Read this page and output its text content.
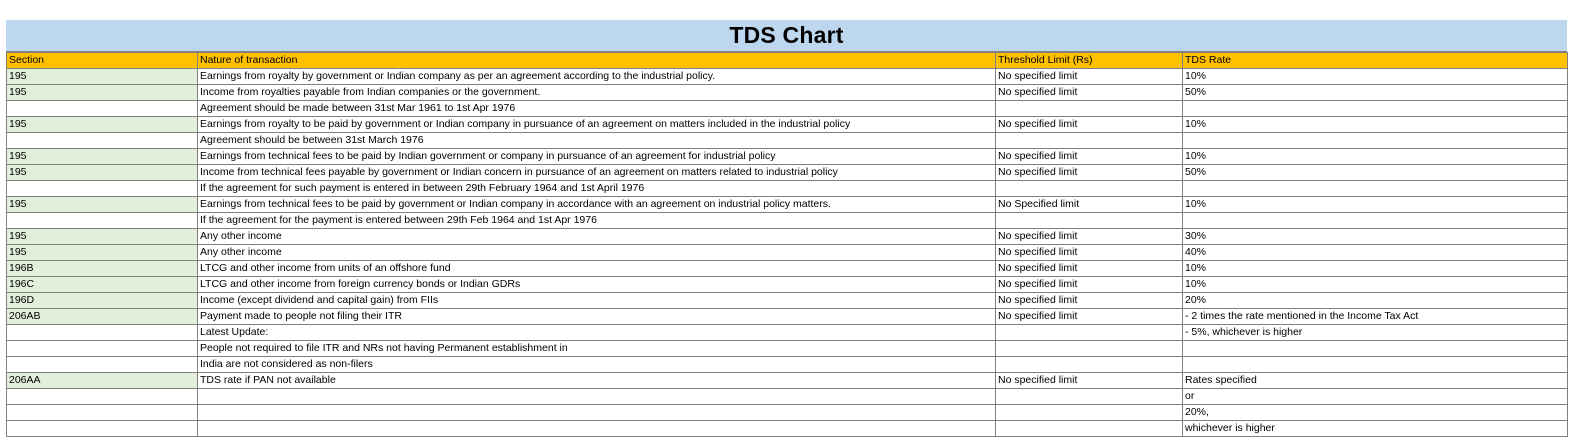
TDS Chart
Section	Nature of transaction	Threshold Limit (Rs)	TDS Rate
195	Earnings from royalty by government or Indian company as per an agreement according to the industrial policy.	No specified limit	10%
195	Income from royalties payable from Indian companies or the government.	No specified limit	50%
	Agreement should be made between 31st Mar 1961 to 1st Apr 1976		
195	Earnings from royalty to be paid by government or Indian company in pursuance of an agreement on matters included in the industrial policy	No specified limit	10%
	Agreement should be between 31st March 1976		
195	Earnings from technical fees to be paid by Indian government or company in pursuance of an agreement for industrial policy	No specified limit	10%
195	Income from technical fees payable by government or Indian concern in pursuance of an agreement on matters related to industrial policy	No specified limit	50%
	If the agreement for such payment is entered in between 29th February 1964 and 1st April 1976		
195	Earnings from technical fees to be paid by government or Indian company in accordance with an agreement on industrial policy matters.	No Specified limit	10%
	If the agreement for the payment is entered between 29th Feb 1964 and 1st Apr 1976		
195	Any other income	No specified limit	30%
195	Any other income	No specified limit	40%
196B	LTCG and other income from units of an offshore fund	No specified limit	10%
196C	LTCG and other income from foreign currency bonds or Indian GDRs	No specified limit	10%
196D	Income (except dividend and capital gain) from FIIs	No specified limit	20%
206AB	Payment made to people not filing their ITR	No specified limit	- 2 times the rate mentioned in the Income Tax Act
	Latest Update:		- 5%, whichever is higher
	People not required to file ITR and NRs not having Permanent establishment in		
	India are not considered as non-filers		
206AA	TDS rate if PAN not available	No specified limit	Rates specified
			or
			20%,
			whichever is higher
